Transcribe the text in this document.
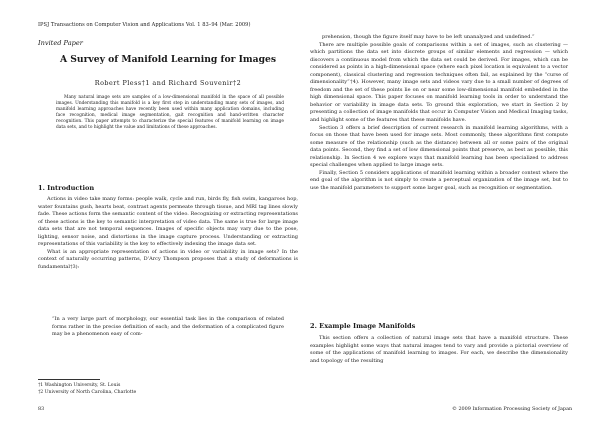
IPSJ Transactions on Computer Vision and Applications Vol. 1 83–94 (Mar. 2009)
Invited Paper
A Survey of Manifold Learning for Images
Robert Pless†1 and Richard Souvenir†2

Many natural image sets are samples of a low-dimensional manifold in the space of all possible images. Understanding this manifold is a key first step in understanding many sets of images, and manifold learning approaches have recently been used within many application domains, including face recognition, medical image segmentation, gait recognition and hand-written character recognition. This paper attempts to characterize the special features of manifold learning on image data sets, and to highlight the value and limitations of these approaches.

1. Introduction

Actions in video take many forms: people walk, cycle and run, birds fly, fish swim, kangaroos hop, water fountains gush, hearts beat, contrast agents permeate through tissue, and MRI tag lines slowly fade. These actions form the semantic content of the video. Recognizing or extracting representations of these actions is the key to semantic interpretation of video data. The same is true for large image data sets that are not temporal sequences. Images of specific objects may vary due to the pose, lighting, sensor noise, and distortions in the image capture process. Understanding or extracting representations of this variability is the key to effectively indexing the image data set.

What is an appropriate representation of actions in video or variability in image sets? In the context of naturally occurring patterns, D’Arcy Thompson proposes that a study of deformations is fundamental†3):

“In a very large part of morphology, our essential task lies in the comparison of related forms rather in the precise definition of each; and the deformation of a complicated figure may be a phenomenon easy of com-

†1 Washington University, St. Louis
†2 University of North Carolina, Charlotte

prehension, though the figure itself may have to be left unanalyzed and undefined.”

There are multiple possible goals of comparisons within a set of images, such as clustering — which partitions the data set into discrete groups of similar elements and regression — which discovers a continuous model from which the data set could be derived. For images, which can be considered as points in a high-dimensional space (where each pixel location is equivalent to a vector component), classical clustering and regression techniques often fail, as explained by the “curse of dimensionality”†4). However, many image sets and videos vary due to a small number of degrees of freedom and the set of these points lie on or near some low-dimensional manifold embedded in the high dimensional space. This paper focuses on manifold learning tools in order to understand the behavior or variability in image data sets. To ground this exploration, we start in Section 2 by presenting a collection of image manifolds that occur in Computer Vision and Medical Imaging tasks, and highlight some of the features that these manifolds have.

Section 3 offers a brief description of current research in manifold learning algorithms, with a focus on those that have been used for image sets. Most commonly, these algorithms first compute some measure of the relationship (such as the distance) between all or some pairs of the original data points. Second, they find a set of low dimensional points that preserve, as best as possible, this relationship. In Section 4 we explore ways that manifold learning has been specialized to address special challenges when applied to large image sets.

Finally, Section 5 considers applications of manifold learning within a broader context where the end goal of the algorithm is not simply to create a perceptual organization of the image set, but to use the manifold parameters to support some larger goal, such as recognition or segmentation.

2. Example Image Manifolds

This section offers a collection of natural image sets that have a manifold structure. These examples highlight some ways that natural images tend to vary and provide a pictorial overview of some of the applications of manifold learning to images. For each, we describe the dimensionality and topology of the resulting

83	© 2009 Information Processing Society of Japan
